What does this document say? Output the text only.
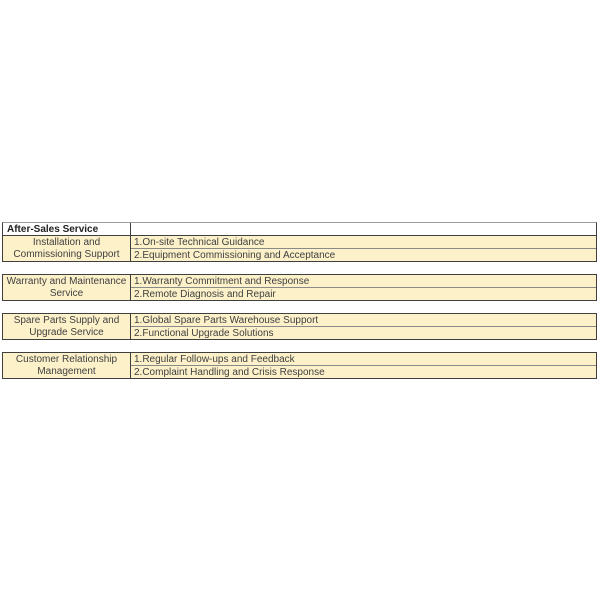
After-Sales Service
Installation and
Commissioning Support
1.On-site Technical Guidance
2.Equipment Commissioning and Acceptance
Warranty and Maintenance
Service
1.Warranty Commitment and Response
2.Remote Diagnosis and Repair
Spare Parts Supply and
Upgrade Service
1.Global Spare Parts Warehouse Support
2.Functional Upgrade Solutions
Customer Relationship
Management
1.Regular Follow-ups and Feedback
2.Complaint Handling and Crisis Response
